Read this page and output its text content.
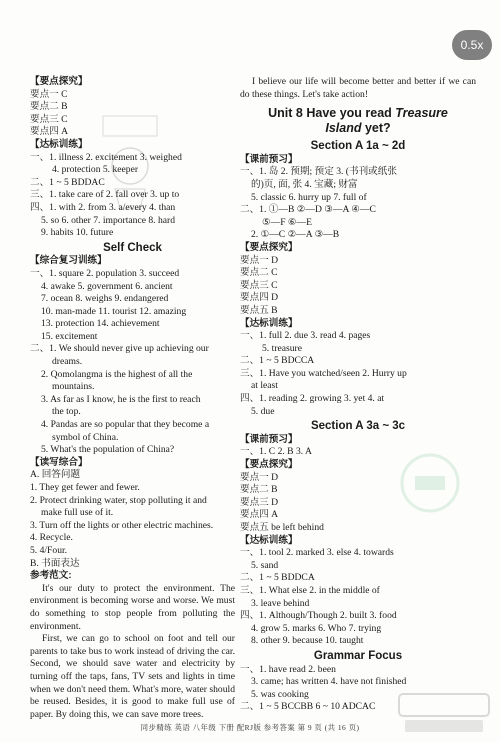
0.5x
【要点探究】
要点一 C
要点二 B
要点三 C
要点四 A
【达标训练】
一、1. illness 2. excitement 3. weighed
4. protection 5. keeper
二、1 ~ 5 BDDAC
三、1. take care of 2. fall over 3. up to
四、1. with 2. from 3. a/every 4. than
5. so 6. other 7. importance 8. hard
9. habits 10. future
Self Check
【综合复习训练】
一、1. square 2. population 3. succeed
4. awake 5. government 6. ancient
7. ocean 8. weighs 9. endangered
10. man-made 11. tourist 12. amazing
13. protection 14. achievement
15. excitement
二、1. We should never give up achieving our
dreams.
2. Qomolangma is the highest of all the
mountains.
3. As far as I know, he is the first to reach
the top.
4. Pandas are so popular that they become a
symbol of China.
5. What's the population of China?
【读写综合】
A. 回答问题
1. They get fewer and fewer.
2. Protect drinking water, stop polluting it and
make full use of it.
3. Turn off the lights or other electric machines.
4. Recycle.
5. 4/Four.
B. 书面表达
参考范文:

It's our duty to protect the environment. The environment is becoming worse and worse. We must do something to stop people from polluting the environment.

First, we can go to school on foot and tell our parents to take bus to work instead of driving the car. Second, we should save water and electricity by turning off the taps, fans, TV sets and lights in time when we don't need them. What's more, water should be reused. Besides, it is good to make full use of paper. By doing this, we can save more trees.

I believe our life will become better and better if we can do these things. Let's take action!

Unit 8 Have you read Treasure
Island yet?
Section A 1a ~ 2d
【课前预习】
一、1. 岛 2. 预期; 预定 3. (书刊或纸张
的)页, 面, 张 4. 宝藏; 财富
5. classic 6. hurry up 7. full of
二、1. ①—B ②—D ③—A ④—C
⑤—F ⑥—E
2. ①—C ②—A ③—B
【要点探究】
要点一 D
要点二 C
要点三 C
要点四 D
要点五 B
【达标训练】
一、1. full 2. due 3. read 4. pages
5. treasure
二、1 ~ 5 BDCCA
三、1. Have you watched/seen 2. Hurry up
at least
四、1. reading 2. growing 3. yet 4. at
5. due
Section A 3a ~ 3c
【课前预习】
一、1. C 2. B 3. A
【要点探究】
要点一 D
要点二 B
要点三 D
要点四 A
要点五 be left behind
【达标训练】
一、1. tool 2. marked 3. else 4. towards
5. sand
二、1 ~ 5 BDDCA
三、1. What else 2. in the middle of
3. leave behind
四、1. Although/Though 2. built 3. food
4. grow 5. marks 6. Who 7. trying
8. other 9. because 10. taught
Grammar Focus
一、1. have read 2. been
3. came; has written 4. have not finished
5. was cooking
二、1 ~ 5 BCCBB 6 ~ 10 ADCAC
同步精练 英语 八年级 下册 配RJ版 参考答案 第 9 页 (共 16 页)
